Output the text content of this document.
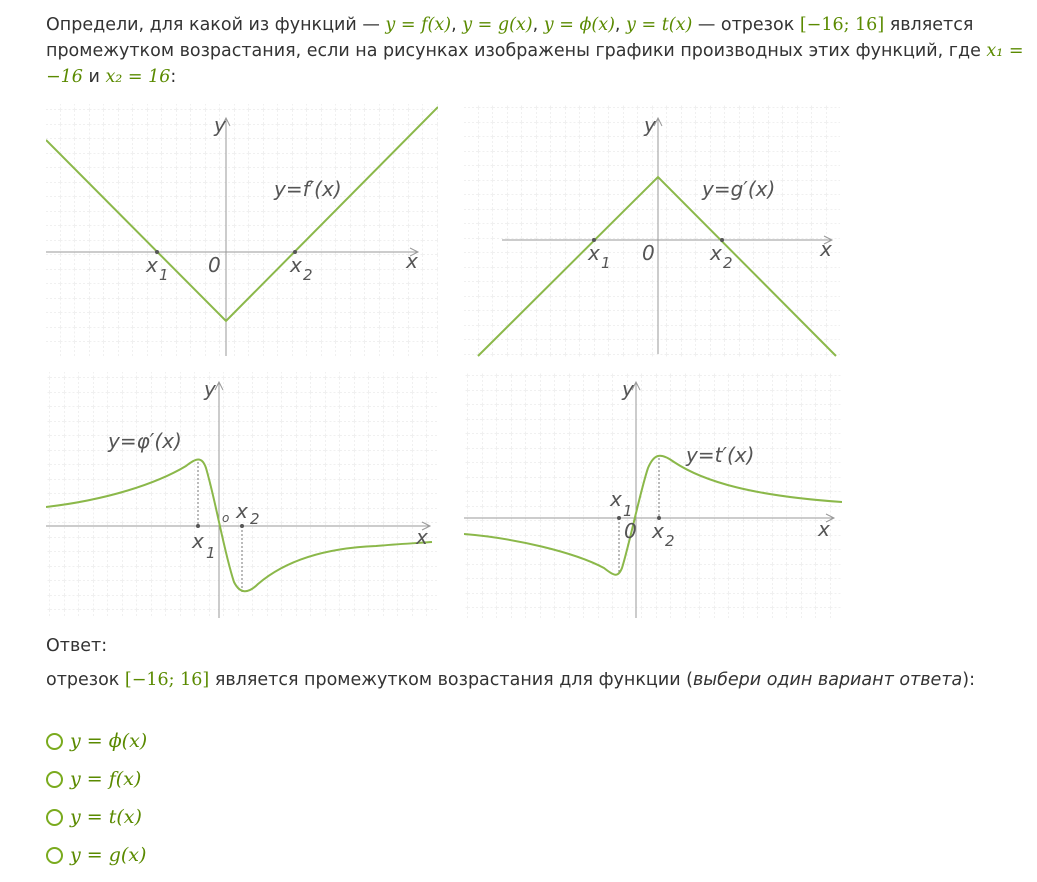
Определи, для какой из функций — y = f(x), y = g(x), y = ϕ(x), y = t(x) — отрезок [−16; 16] является промежутком возрастания, если на рисунках изображены графики производных этих функций, где x₁ = −16 и x₂ = 16:
y
x
0
x 1	x 2
y=f′(x)
y
x
0
x 1	x 2
y=g′(x)
y
x
o
x 1
x 2
y=φ′(x)
y
x
0
x 1
x 2
y=t′(x)
Ответ:
отрезок [−16; 16] является промежутком возрастания для функции (выбери один вариант ответа):
y = ϕ(x)
y = f(x)
y = t(x)
y = g(x)
